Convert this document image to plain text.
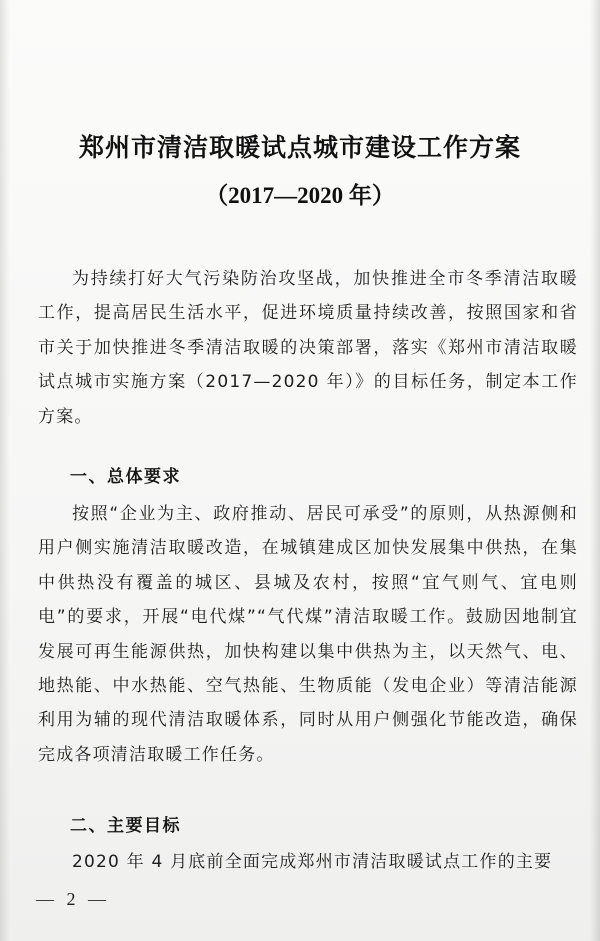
郑州市清洁取暖试点城市建设工作方案
（2017—2020 年）

为持续打好大气污染防治攻坚战，加快推进全市冬季清洁取暖工作，提高居民生活水平，促进环境质量持续改善，按照国家和省市关于加快推进冬季清洁取暖的决策部署，落实《郑州市清洁取暖试点城市实施方案（2017—2020 年）》的目标任务，制定本工作方案。

一、总体要求

按照“企业为主、政府推动、居民可承受”的原则，从热源侧和用户侧实施清洁取暖改造，在城镇建成区加快发展集中供热，在集中供热没有覆盖的城区、县城及农村，按照“宜气则气、宜电则电”的要求，开展“电代煤”“气代煤”清洁取暖工作。鼓励因地制宜发展可再生能源供热，加快构建以集中供热为主，以天然气、电、地热能、中水热能、空气热能、生物质能（发电企业）等清洁能源利用为辅的现代清洁取暖体系，同时从用户侧强化节能改造，确保完成各项清洁取暖工作任务。

二、主要目标

2020 年 4 月底前全面完成郑州市清洁取暖试点工作的主要

— 2 —
